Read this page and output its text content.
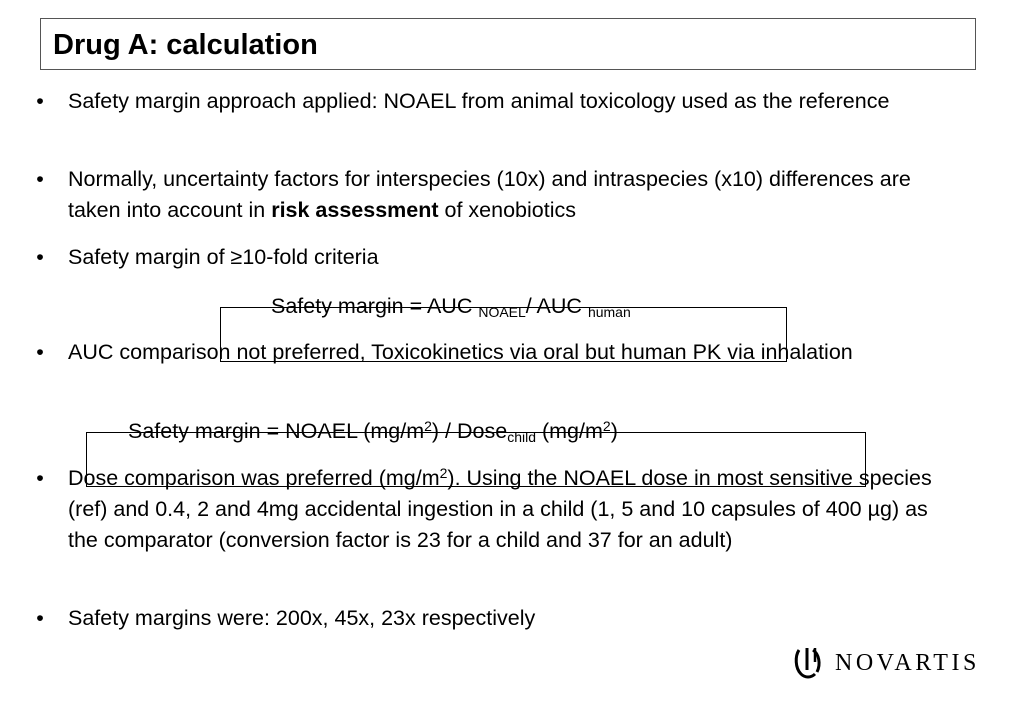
Drug A: calculation
• Safety margin approach applied: NOAEL from animal toxicology used as the reference
• Normally, uncertainty factors for interspecies (10x) and intraspecies (x10) differences are taken into account in risk assessment of xenobiotics
• Safety margin of ≥10-fold criteria
Safety margin = AUC $_{NOAEL}$/ AUC $_{human}$
• AUC comparison not preferred, Toxicokinetics via oral but human PK via inhalation
Safety margin = NOAEL $(mg/m^2)$ / Dose$_{child}$ $(mg/m^2)$
• Dose comparison was preferred $(mg/m^2)$. Using the NOAEL dose in most sensitive species (ref) and 0.4, 2 and 4mg accidental ingestion in a child (1, 5 and 10 capsules of 400 µg) as the comparator (conversion factor is 23 for a child and 37 for an adult)
• Safety margins were: 200x, 45x, 23x respectively
NOVARTIS
